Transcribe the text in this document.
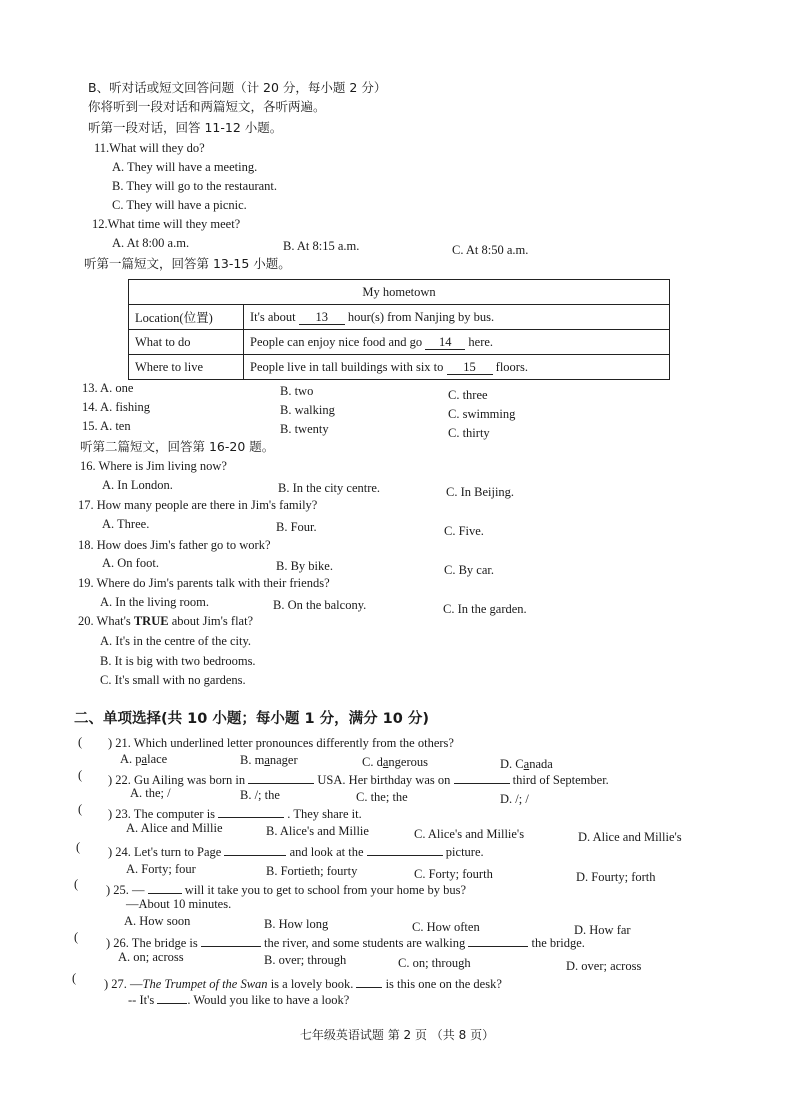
B、听对话或短文回答问题（计 20 分，每小题 2 分）
你将听到一段对话和两篇短文，各听两遍。
听第一段对话，回答 11-12 小题。
11.What will they do?
A. They will have a meeting.
B. They will go to the restaurant.
C. They will have a picnic.
12.What time will they meet?
A. At 8:00 a.m.	B. At 8:15 a.m.	C. At 8:50 a.m.
听第一篇短文，回答第 13-15 小题。
My hometown	
Location(位置)	It's about 13 hour(s) from Nanjing by bus.
What to do	People can enjoy nice food and go 14 here.
Where to live	People live in tall buildings with six to 15 floors.
13. A. one	B. two	C. three
14. A. fishing	B. walking	C. swimming
15. A. ten	B. twenty	C. thirty
听第二篇短文，回答第 16-20 题。
16. Where is Jim living now?
A. In London.	B. In the city centre.	C. In Beijing.
17. How many people are there in Jim's family?
A. Three.	B. Four.	C. Five.
18. How does Jim's father go to work?
A. On foot.	B. By bike.	C. By car.
19. Where do Jim's parents talk with their friends?
A. In the living room.	B. On the balcony.	C. In the garden.
20. What's TRUE about Jim's flat?
A. It's in the centre of the city.
B. It is big with two bedrooms.
C. It's small with no gardens.
二、单项选择(共 10 小题；每小题 1 分，满分 10 分)
( ) 21. Which underlined letter pronounces differently from the others?
A. palace	B. manager	C. dangerous	D. Canada
( ) 22. Gu Ailing was born in	USA. Her birthday was on	third of September.
A. the; /	B. /; the	C. the; the	D. /; /
( ) 23. The computer is	. They share it.
A. Alice and Millie	B. Alice's and Millie	C. Alice's and Millie's	D. Alice and Millie's
( ) 24. Let's turn to Page	and look at the	picture.
A. Forty; four	B. Fortieth; fourty	C. Forty; fourth	D. Fourty; forth
( ) 25. —	will it take you to get to school from your home by bus?
—About 10 minutes.
A. How soon	B. How long	C. How often	D. How far
( ) 26. The bridge is	the river, and some students are walking	the bridge.
A. on; across	B. over; through	C. on; through	D. over; across
( ) 27. —The Trumpet of the Swan is a lovely book.	is this one on the desk?
-- It's	. Would you like to have a look?
七年级英语试题 第 2 页 （共 8 页）
